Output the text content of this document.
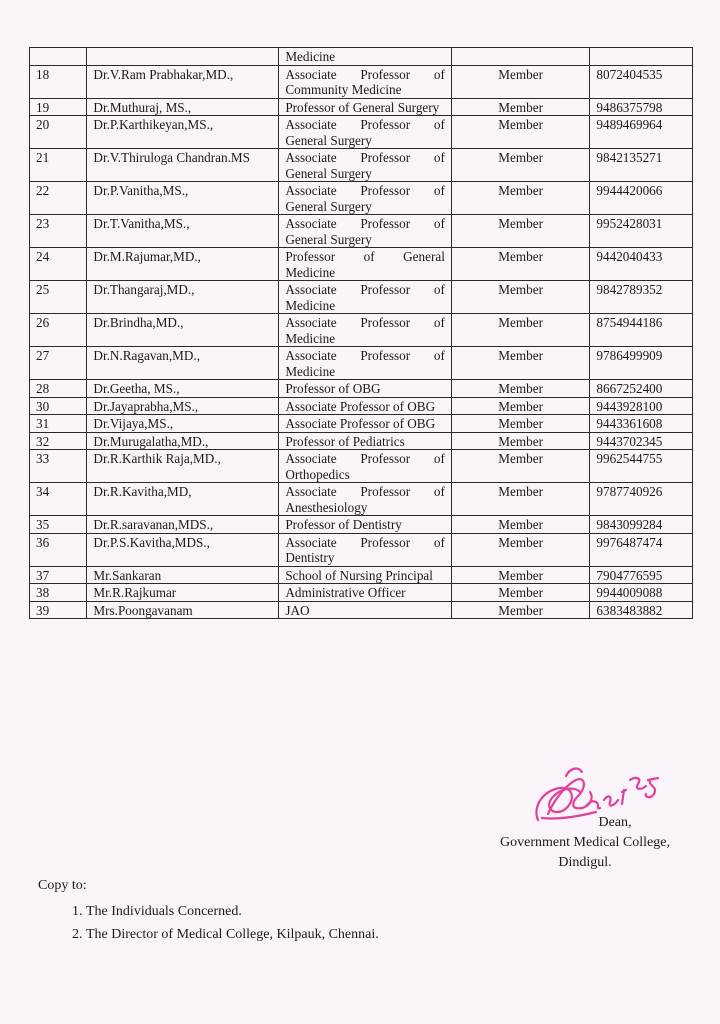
		Medicine		
18	Dr.V.Ram Prabhakar,MD.,	Associate Professor of Community Medicine	Member	8072404535
19	Dr.Muthuraj, MS.,	Professor of General Surgery	Member	9486375798
20	Dr.P.Karthikeyan,MS.,	Associate Professor of General Surgery	Member	9489469964
21	Dr.V.Thiruloga Chandran.MS	Associate Professor of General Surgery	Member	9842135271
22	Dr.P.Vanitha,MS.,	Associate Professor of General Surgery	Member	9944420066
23	Dr.T.Vanitha,MS.,	Associate Professor of General Surgery	Member	9952428031
24	Dr.M.Rajumar,MD.,	Professor of General Medicine	Member	9442040433
25	Dr.Thangaraj,MD.,	Associate Professor of Medicine	Member	9842789352
26	Dr.Brindha,MD.,	Associate Professor of Medicine	Member	8754944186
27	Dr.N.Ragavan,MD.,	Associate Professor of Medicine	Member	9786499909
28	Dr.Geetha, MS.,	Professor of OBG	Member	8667252400
30	Dr.Jayaprabha,MS.,	Associate Professor of OBG	Member	9443928100
31	Dr.Vijaya,MS.,	Associate Professor of OBG	Member	9443361608
32	Dr.Murugalatha,MD.,	Professor of Pediatrics	Member	9443702345
33	Dr.R.Karthik Raja,MD.,	Associate Professor of Orthopedics	Member	9962544755
34	Dr.R.Kavitha,MD,	Associate Professor of Anesthesiology	Member	9787740926
35	Dr.R.saravanan,MDS.,	Professor of Dentistry	Member	9843099284
36	Dr.P.S.Kavitha,MDS.,	Associate Professor of Dentistry	Member	9976487474
37	Mr.Sankaran	School of Nursing Principal	Member	7904776595
38	Mr.R.Rajkumar	Administrative Officer	Member	9944009088
39	Mrs.Poongavanam	JAO	Member	6383483882
Dean,
Government Medical College,
Dindigul.
Copy to:
1. The Individuals Concerned.
2. The Director of Medical College, Kilpauk, Chennai.
